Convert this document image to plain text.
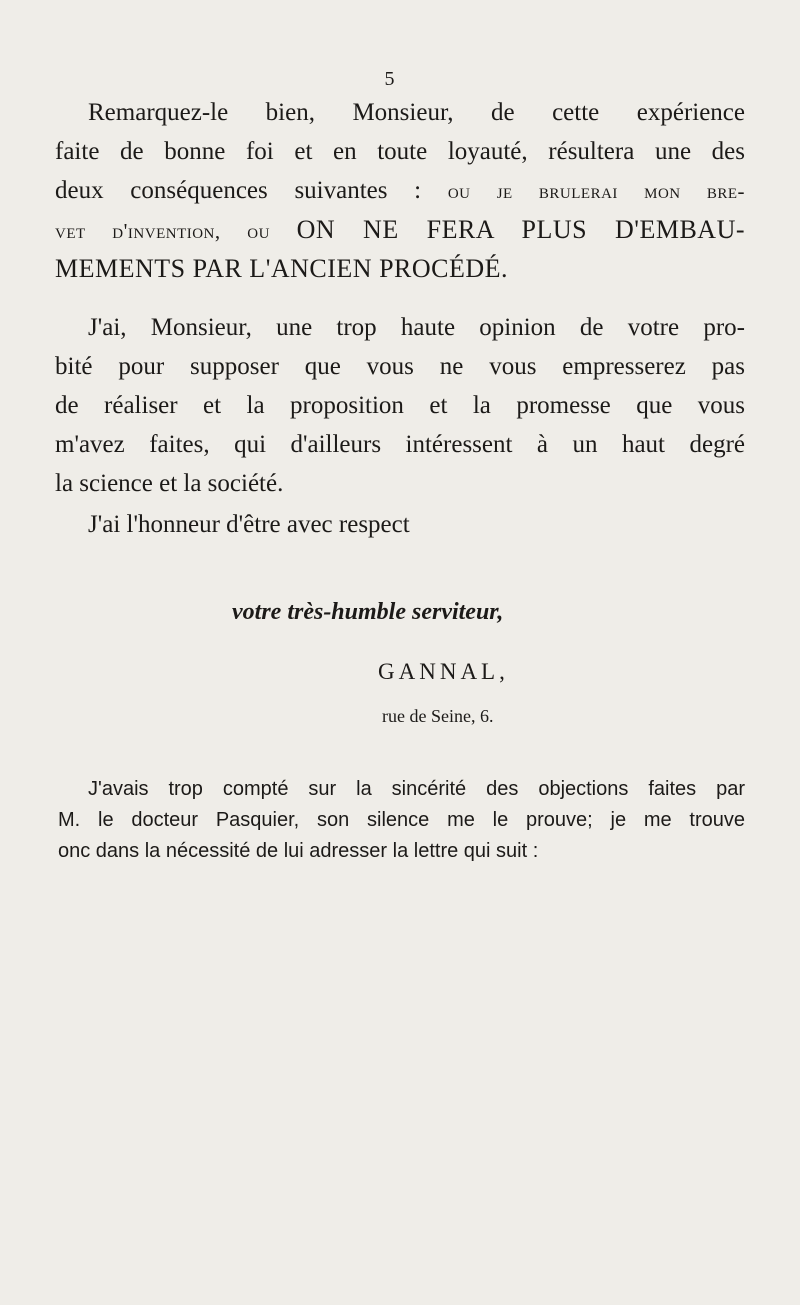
5
Remarquez-le bien, Monsieur, de cette expérience
faite de bonne foi et en toute loyauté, résultera une des
deux conséquences suivantes : ou je brulerai mon bre-
vet d'invention, ou ON NE FERA PLUS D'EMBAU-
MEMENTS PAR L'ANCIEN PROCÉDÉ.
J'ai, Monsieur, une trop haute opinion de votre pro-
bité pour supposer que vous ne vous empresserez pas
de réaliser et la proposition et la promesse que vous
m'avez faites, qui d'ailleurs intéressent à un haut degré
la science et la société.
J'ai l'honneur d'être avec respect
votre très-humble serviteur,
GANNAL,
rue de Seine, 6.
J'avais trop compté sur la sincérité des objections faites par
M. le docteur Pasquier, son silence me le prouve; je me trouve
onc dans la nécessité de lui adresser la lettre qui suit :
